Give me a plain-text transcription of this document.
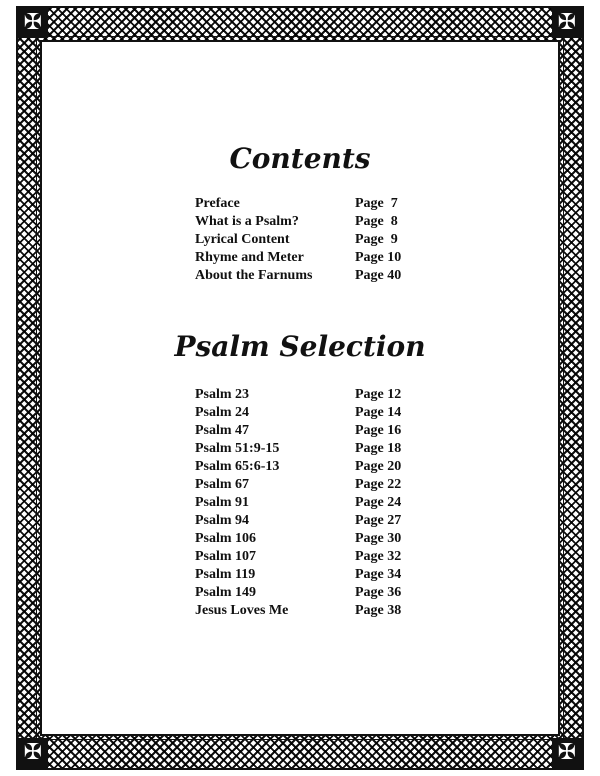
✠	✠
✠	✠
Contents
Preface	Page  7
What is a Psalm?	Page  8
Lyrical Content	Page  9
Rhyme and Meter	Page 10
About the Farnums	Page 40
Psalm Selection
Psalm 23	Page 12
Psalm 24	Page 14
Psalm 47	Page 16
Psalm 51:9-15	Page 18
Psalm 65:6-13	Page 20
Psalm 67	Page 22
Psalm 91	Page 24
Psalm 94	Page 27
Psalm 106	Page 30
Psalm 107	Page 32
Psalm 119	Page 34
Psalm 149	Page 36
Jesus Loves Me	Page 38
